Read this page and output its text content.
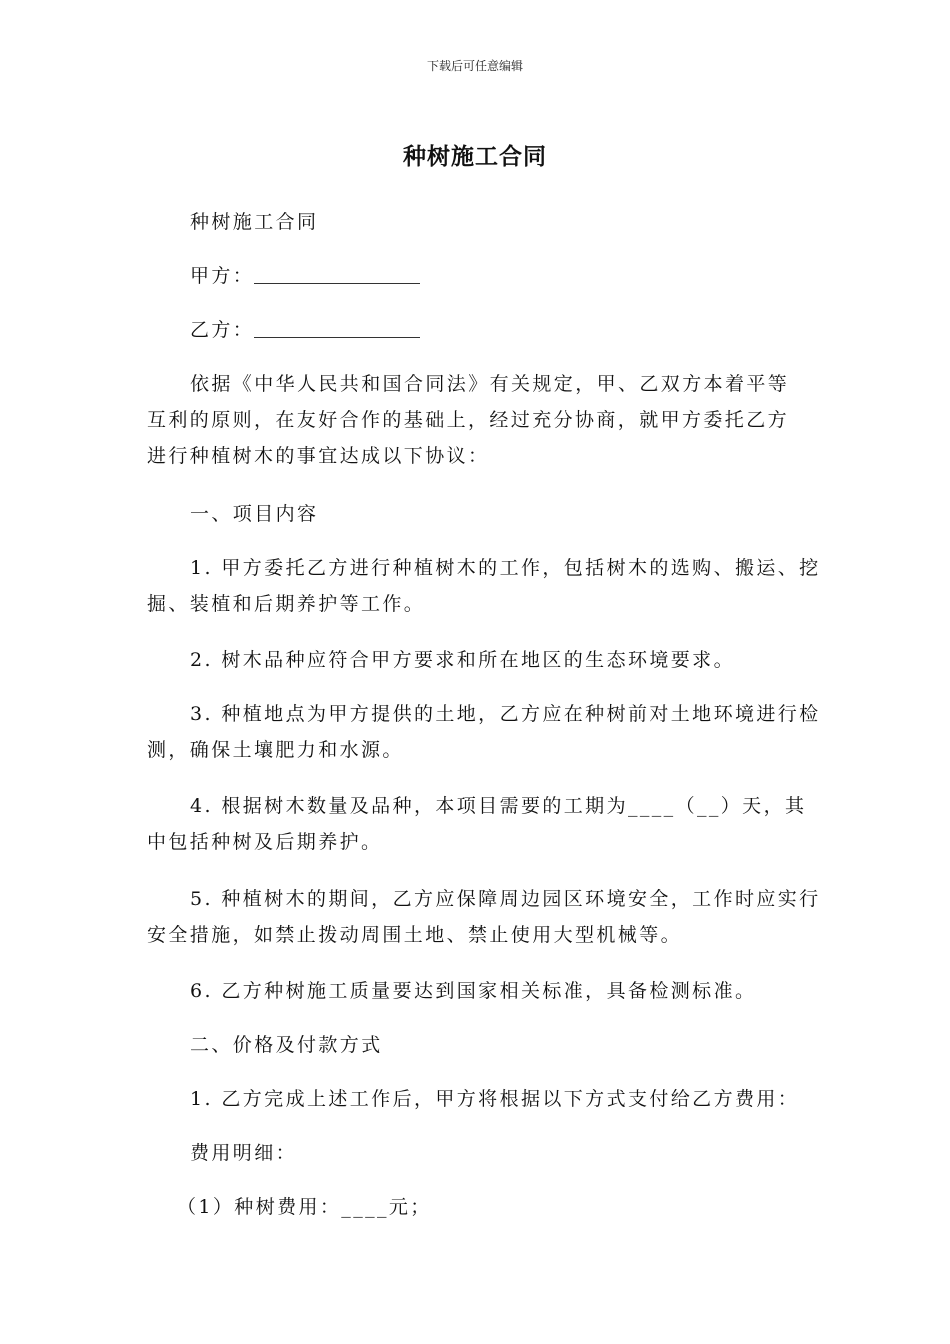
下载后可任意编辑
种树施工合同

种树施工合同

甲方：

乙方：

依据《中华人民共和国合同法》有关规定，甲、乙双方本着平等互利的原则，在友好合作的基础上，经过充分协商，就甲方委托乙方进行种植树木的事宜达成以下协议：

一、项目内容

1. 甲方委托乙方进行种植树木的工作，包括树木的选购、搬运、挖掘、装植和后期养护等工作。

2. 树木品种应符合甲方要求和所在地区的生态环境要求。

3. 种植地点为甲方提供的土地，乙方应在种树前对土地环境进行检测，确保土壤肥力和水源。

4. 根据树木数量及品种，本项目需要的工期为____（__）天，其中包括种树及后期养护。

5. 种植树木的期间，乙方应保障周边园区环境安全，工作时应实行安全措施，如禁止拨动周围土地、禁止使用大型机械等。

6. 乙方种树施工质量要达到国家相关标准，具备检测标准。

二、价格及付款方式

1. 乙方完成上述工作后，甲方将根据以下方式支付给乙方费用：

费用明细：

（1）种树费用：____元；
